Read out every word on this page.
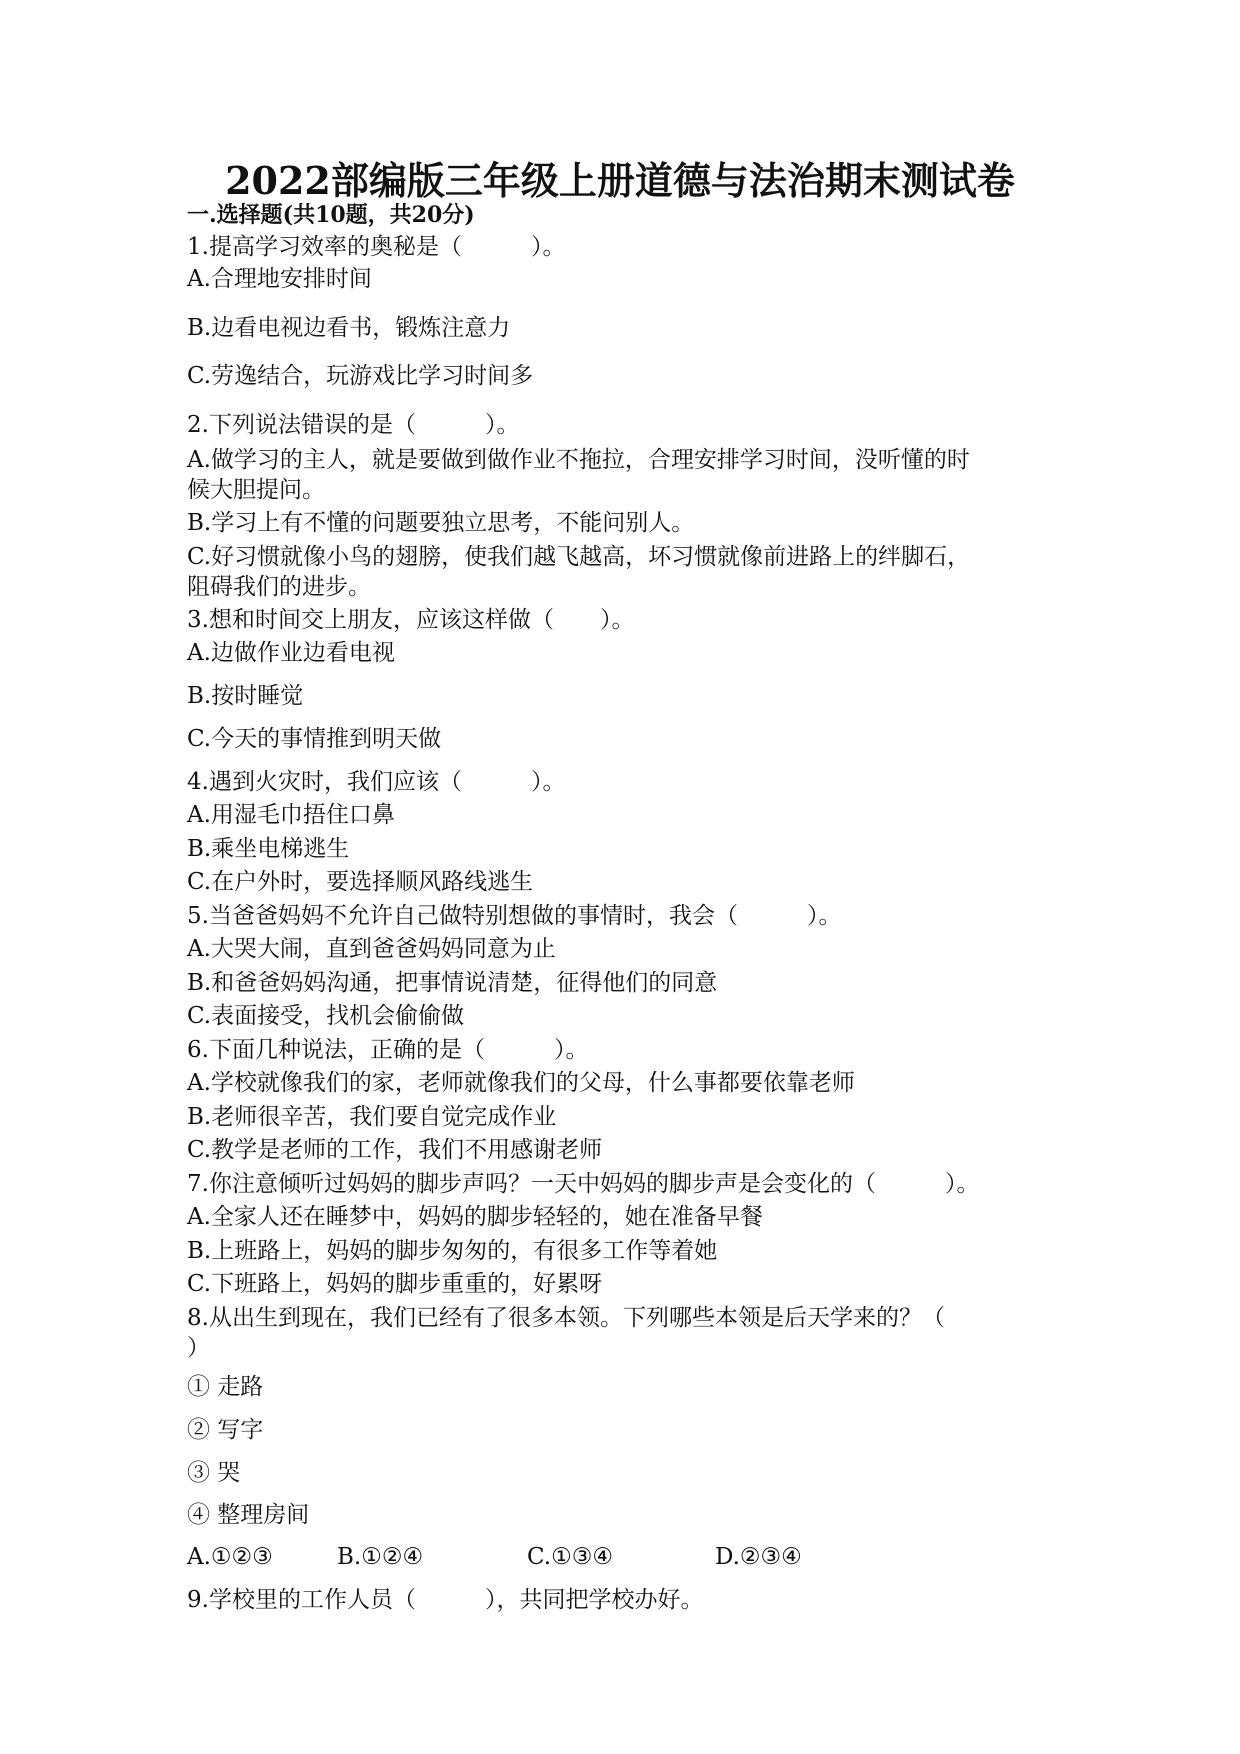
2022部编版三年级上册道德与法治期末测试卷
一.选择题(共10题，共20分)
1.提高学习效率的奥秘是（　　　）。
A.合理地安排时间
B.边看电视边看书，锻炼注意力
C.劳逸结合，玩游戏比学习时间多
2.下列说法错误的是（　　　）。
A.做学习的主人，就是要做到做作业不拖拉，合理安排学习时间，没听懂的时
候大胆提问。
B.学习上有不懂的问题要独立思考，不能问别人。
C.好习惯就像小鸟的翅膀，使我们越飞越高，坏习惯就像前进路上的绊脚石，
阻碍我们的进步。
3.想和时间交上朋友，应该这样做（　　）。
A.边做作业边看电视
B.按时睡觉
C.今天的事情推到明天做
4.遇到火灾时，我们应该（　　　）。
A.用湿毛巾捂住口鼻
B.乘坐电梯逃生
C.在户外时，要选择顺风路线逃生
5.当爸爸妈妈不允许自己做特别想做的事情时，我会（　　　）。
A.大哭大闹，直到爸爸妈妈同意为止
B.和爸爸妈妈沟通，把事情说清楚，征得他们的同意
C.表面接受，找机会偷偷做
6.下面几种说法，正确的是（　　　）。
A.学校就像我们的家，老师就像我们的父母，什么事都要依靠老师
B.老师很辛苦，我们要自觉完成作业
C.教学是老师的工作，我们不用感谢老师
7.你注意倾听过妈妈的脚步声吗？一天中妈妈的脚步声是会变化的（　　　）。
A.全家人还在睡梦中，妈妈的脚步轻轻的，她在准备早餐
B.上班路上，妈妈的脚步匆匆的，有很多工作等着她
C.下班路上，妈妈的脚步重重的，好累呀
8.从出生到现在，我们已经有了很多本领。下列哪些本领是后天学来的？（
）
① 走路
② 写字
③ 哭
④ 整理房间
A.①②③	B.①②④	C.①③④	D.②③④
9.学校里的工作人员（　　　），共同把学校办好。
